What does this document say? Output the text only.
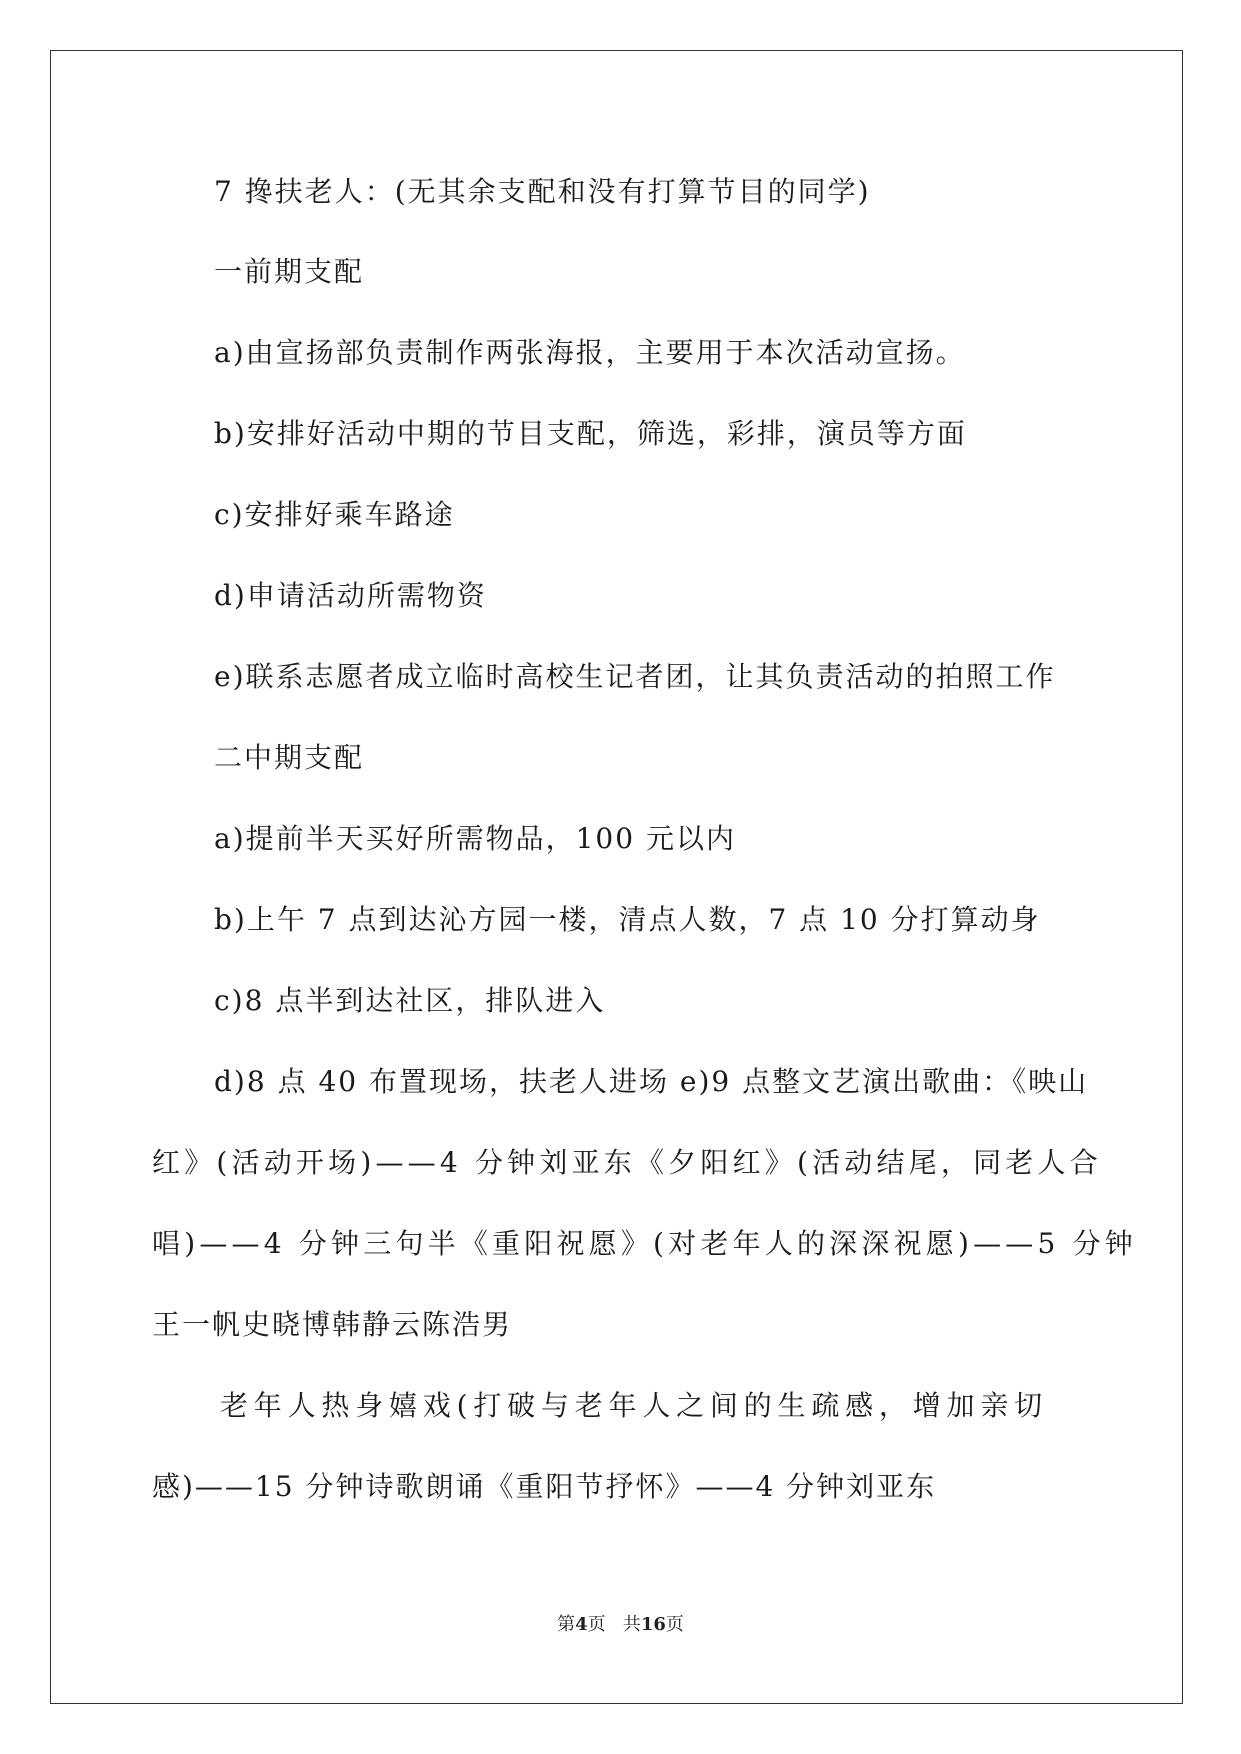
7 搀扶老人：(无其余支配和没有打算节目的同学)
一前期支配
a)由宣扬部负责制作两张海报，主要用于本次活动宣扬。
b)安排好活动中期的节目支配，筛选，彩排，演员等方面
c)安排好乘车路途
d)申请活动所需物资
e)联系志愿者成立临时高校生记者团，让其负责活动的拍照工作
二中期支配
a)提前半天买好所需物品，100 元以内
b)上午 7 点到达沁方园一楼，清点人数，7 点 10 分打算动身
c)8 点半到达社区，排队进入
d)8 点 40 布置现场，扶老人进场 e)9 点整文艺演出歌曲：《映山
红》(活动开场)——4 分钟刘亚东《夕阳红》(活动结尾，同老人合
唱)——4 分钟三句半《重阳祝愿》(对老年人的深深祝愿)——5 分钟
王一帆史晓博韩静云陈浩男
老年人热身嬉戏(打破与老年人之间的生疏感，增加亲切
感)——15 分钟诗歌朗诵《重阳节抒怀》——4 分钟刘亚东
第4页 共16页
